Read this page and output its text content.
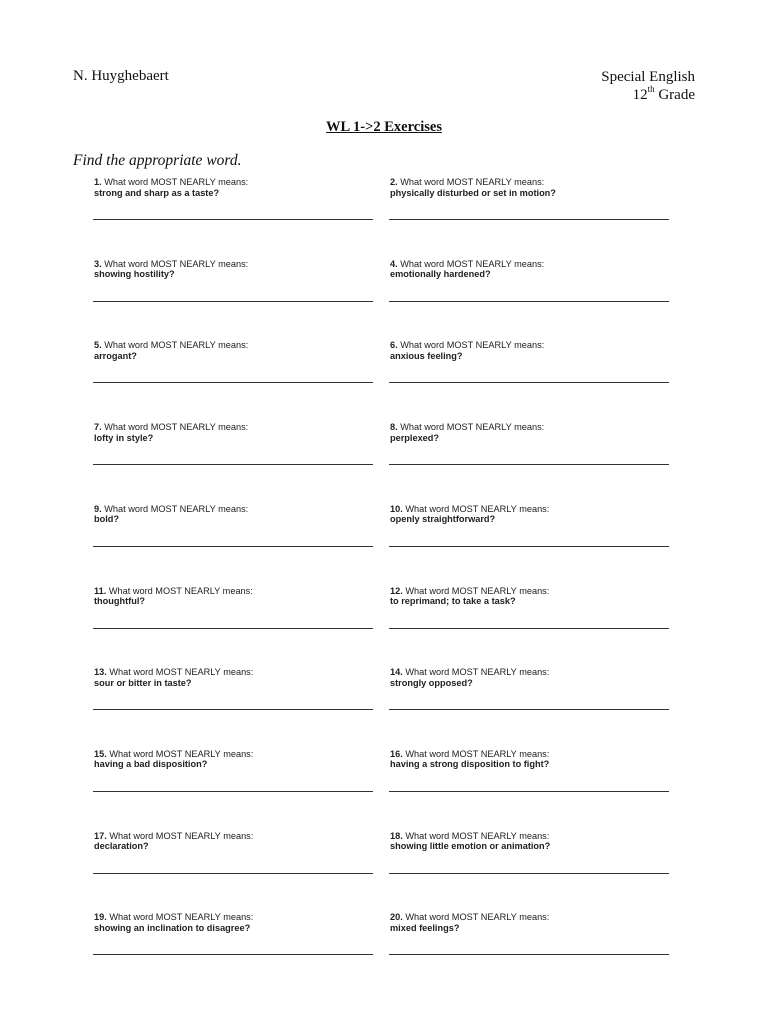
N. Huyghebaert	Special English
12th Grade
WL 1->2 Exercises
Find the appropriate word.
1. What word MOST NEARLY means:
strong and sharp as a taste?
2. What word MOST NEARLY means:
physically disturbed or set in motion?
3. What word MOST NEARLY means:
showing hostility?
4. What word MOST NEARLY means:
emotionally hardened?
5. What word MOST NEARLY means:
arrogant?
6. What word MOST NEARLY means:
anxious feeling?
7. What word MOST NEARLY means:
lofty in style?
8. What word MOST NEARLY means:
perplexed?
9. What word MOST NEARLY means:
bold?
10. What word MOST NEARLY means:
openly straightforward?
11. What word MOST NEARLY means:
thoughtful?
12. What word MOST NEARLY means:
to reprimand; to take a task?
13. What word MOST NEARLY means:
sour or bitter in taste?
14. What word MOST NEARLY means:
strongly opposed?
15. What word MOST NEARLY means:
having a bad disposition?
16. What word MOST NEARLY means:
having a strong disposition to fight?
17. What word MOST NEARLY means:
declaration?
18. What word MOST NEARLY means:
showing little emotion or animation?
19. What word MOST NEARLY means:
showing an inclination to disagree?
20. What word MOST NEARLY means:
mixed feelings?
